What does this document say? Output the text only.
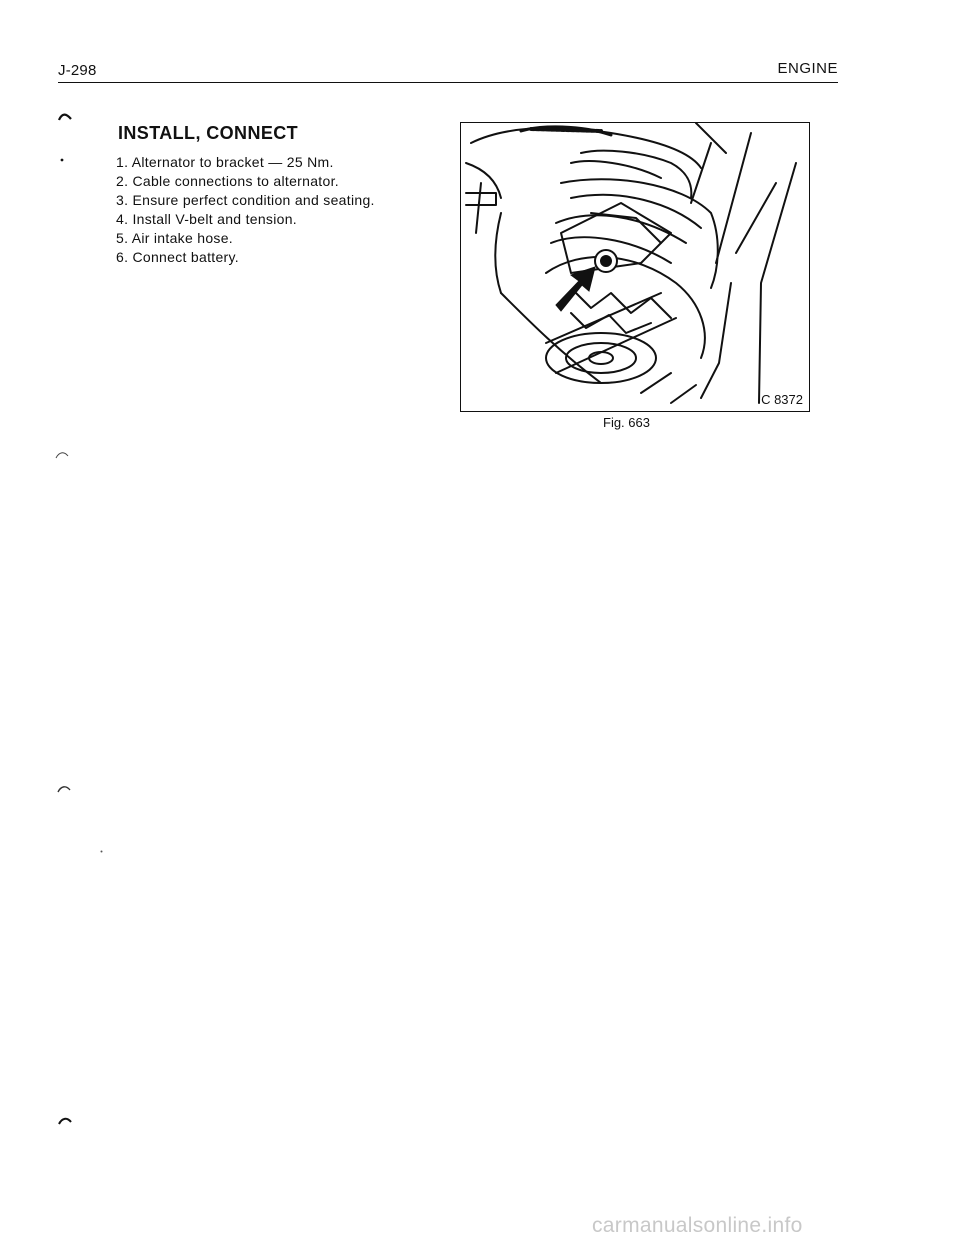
J-298	ENGINE
INSTALL, CONNECT
1. Alternator to bracket — 25 Nm.
2. Cable connections to alternator.
3. Ensure perfect condition and seating.
4. Install V-belt and tension.
5. Air intake hose.
6. Connect battery.
C 8372
Fig. 663
carmanualsonline.info
